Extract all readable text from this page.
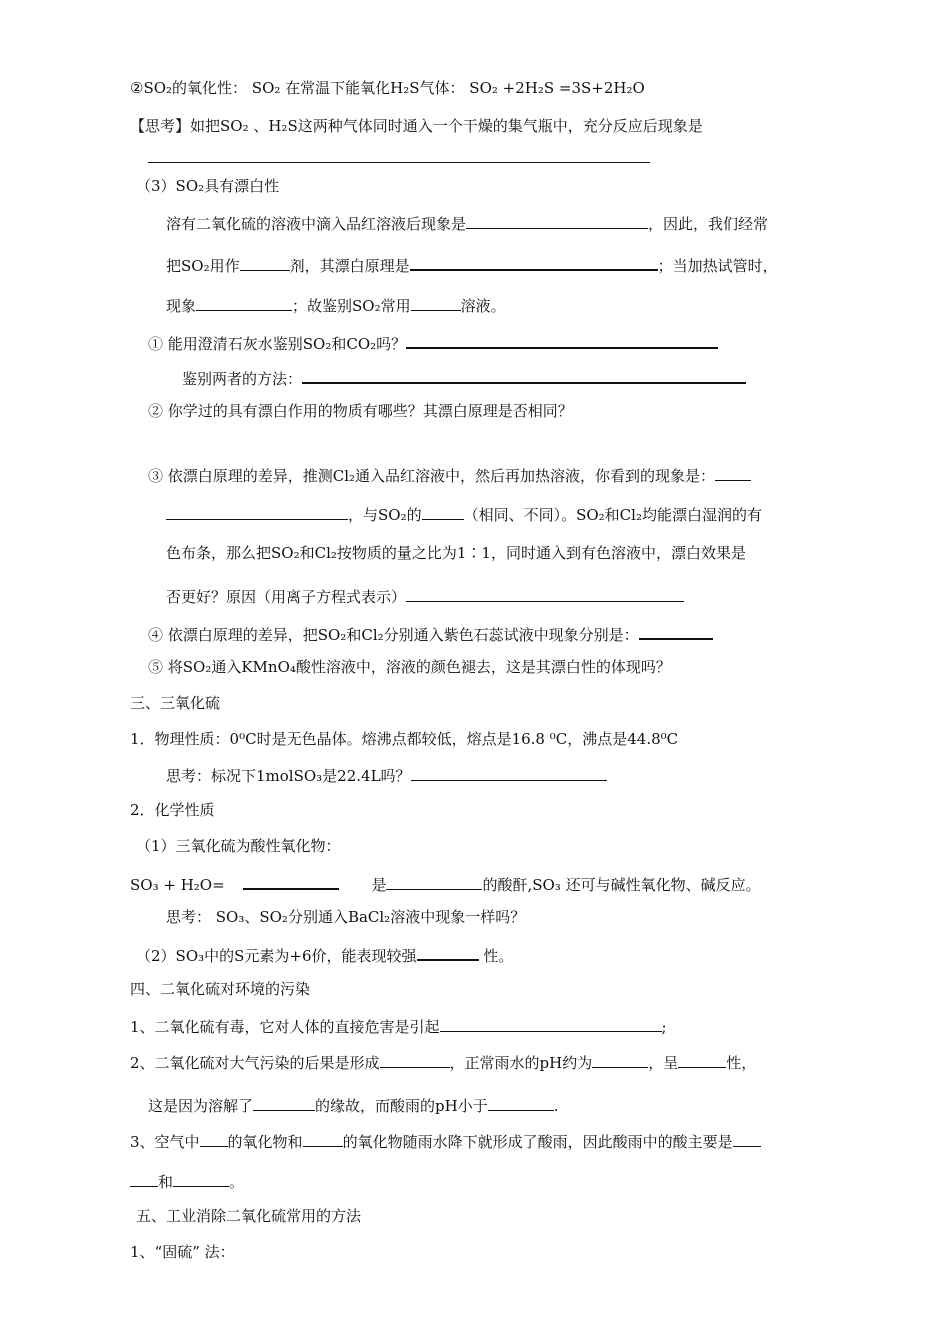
②SO₂的氧化性： SO₂ 在常温下能氧化H₂S气体： SO₂ +2H₂S =3S+2H₂O
【思考】如把SO₂ 、H₂S这两种气体同时通入一个干燥的集气瓶中，充分反应后现象是
（3）SO₂具有漂白性
溶有二氧化硫的溶液中滴入品红溶液后现象是	，因此，我们经常
把SO₂用作	剂，其漂白原理是	；当加热试管时，
现象	；故鉴别SO₂常用	溶液。
① 能用澄清石灰水鉴别SO₂和CO₂吗？
鉴别两者的方法：
② 你学过的具有漂白作用的物质有哪些？其漂白原理是否相同？
③ 依漂白原理的差异，推测Cl₂通入品红溶液中，然后再加热溶液，你看到的现象是：
，与SO₂的	（相同、不同）。SO₂和Cl₂均能漂白湿润的有
色布条，那么把SO₂和Cl₂按物质的量之比为1∶1，同时通入到有色溶液中，漂白效果是
否更好？原因（用离子方程式表示）
④ 依漂白原理的差异，把SO₂和Cl₂分别通入紫色石蕊试液中现象分别是：
⑤ 将SO₂通入KMnO₄酸性溶液中，溶液的颜色褪去，这是其漂白性的体现吗？
三、三氧化硫
1．物理性质：0⁰C时是无色晶体。熔沸点都较低，熔点是16.8 ⁰C，沸点是44.8⁰C
思考：标况下1molSO₃是22.4L吗？
2．化学性质
（1）三氧化硫为酸性氧化物：
SO₃ + H₂O=	是	的酸酐,SO₃ 还可与碱性氧化物、碱反应。
思考： SO₃、SO₂分别通入BaCl₂溶液中现象一样吗？
（2）SO₃中的S元素为+6价，能表现较强	性。
四、二氧化硫对环境的污染
1、二氧化硫有毒，它对人体的直接危害是引起	;
2、二氧化硫对大气污染的后果是形成	，正常雨水的pH约为	，呈	性，
这是因为溶解了	的缘故，而酸雨的pH小于	.
3、空气中 的氧化物和	的氧化物随雨水降下就形成了酸雨，因此酸雨中的酸主要是
和	。
五、工业消除二氧化硫常用的方法
1、“固硫” 法：
